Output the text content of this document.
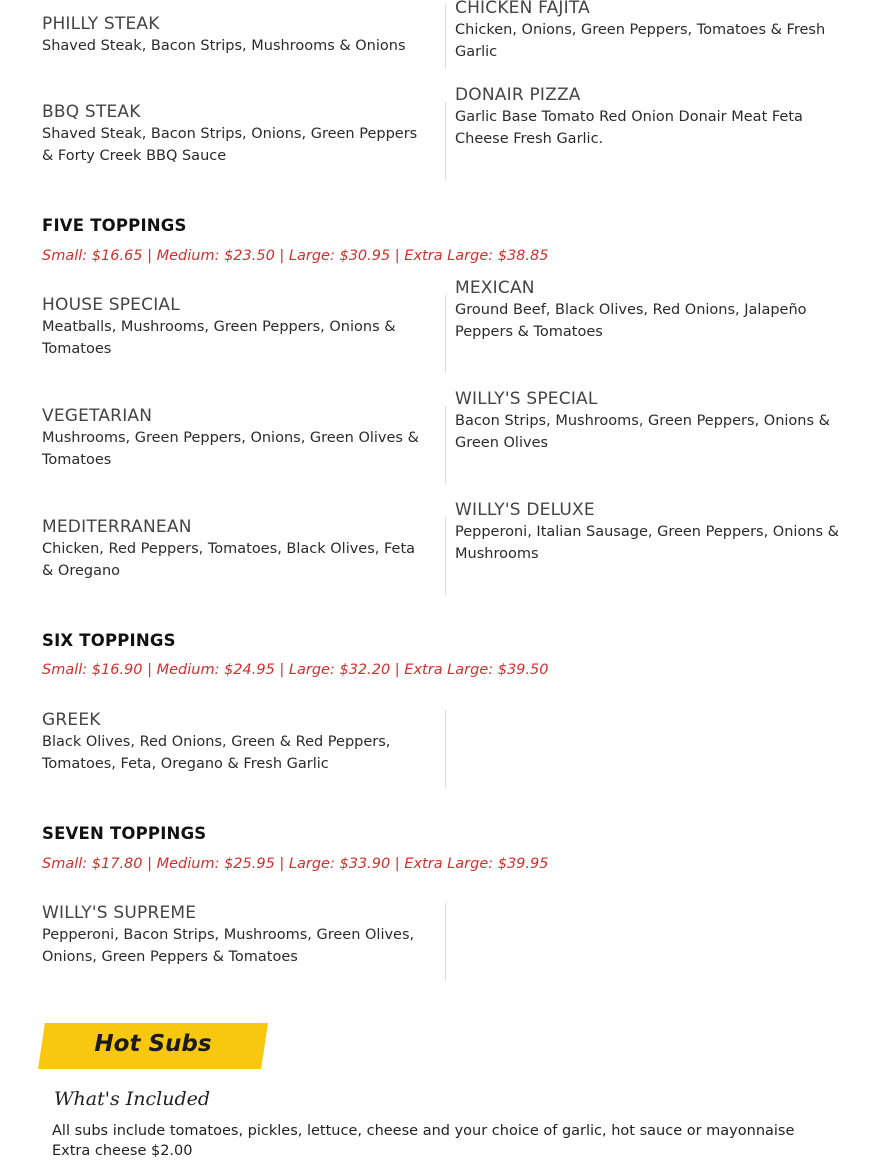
PHILLY STEAK
Shaved Steak, Bacon Strips, Mushrooms & Onions
CHICKEN FAJITA
Chicken, Onions, Green Peppers, Tomatoes & Fresh Garlic
BBQ STEAK
Shaved Steak, Bacon Strips, Onions, Green Peppers & Forty Creek BBQ Sauce
DONAIR PIZZA
Garlic Base Tomato Red Onion Donair Meat Feta Cheese Fresh Garlic.
FIVE TOPPINGS
Small: $16.65 | Medium: $23.50 | Large: $30.95 | Extra Large: $38.85
HOUSE SPECIAL
Meatballs, Mushrooms, Green Peppers, Onions & Tomatoes
MEXICAN
Ground Beef, Black Olives, Red Onions, Jalapeño Peppers & Tomatoes
VEGETARIAN
Mushrooms, Green Peppers, Onions, Green Olives & Tomatoes
WILLY'S SPECIAL
Bacon Strips, Mushrooms, Green Peppers, Onions & Green Olives
MEDITERRANEAN
Chicken, Red Peppers, Tomatoes, Black Olives, Feta & Oregano
WILLY'S DELUXE
Pepperoni, Italian Sausage, Green Peppers, Onions & Mushrooms
SIX TOPPINGS
Small: $16.90 | Medium: $24.95 | Large: $32.20 | Extra Large: $39.50
GREEK
Black Olives, Red Onions, Green & Red Peppers, Tomatoes, Feta, Oregano & Fresh Garlic
SEVEN TOPPINGS
Small: $17.80 | Medium: $25.95 | Large: $33.90 | Extra Large: $39.95
WILLY'S SUPREME
Pepperoni, Bacon Strips, Mushrooms, Green Olives, Onions, Green Peppers & Tomatoes
Hot Subs
What's Included
All subs include tomatoes, pickles, lettuce, cheese and your choice of garlic, hot sauce or mayonnaise
Extra cheese $2.00
